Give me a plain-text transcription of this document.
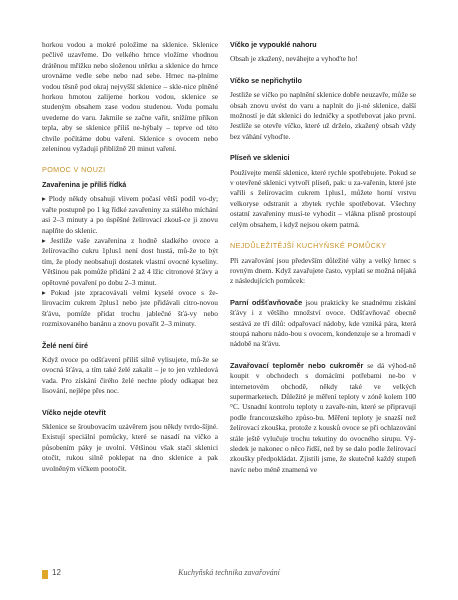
horkou vodou a mokré položíme na sklenice. Sklenice pečlivě uzavřeme. Do velkého hrnce vložíme vhodnou drátěnou mřížku nebo složenou utěrku a sklenice do hrnce urovnáme vedle sebe nebo nad sebe. Hrnec na-plníme vodou těsně pod okraj nejvyšší sklenice – skle-nice plněné horkou hmotou zalijeme horkou vodou, sklenice se studeným obsahem zase vodou studenou. Vodu pomalu uvedeme do varu. Jakmile se začne vařit, snížíme příkon tepla, aby se sklenice příliš ne-hýbaly – teprve od této chvíle počítáme dobu vaření. Sklenice s ovocem nebo zeleninou vyžadují přibližně 20 minut vaření.

POMOC V NOUZI
Zavařenina je příliš řídká

▸ Plody někdy obsahují vlivem počasí větší podíl vo-dy; vařte postupně po 1 kg řídké zavařeniny za stálého míchání asi 2–3 minuty a po úspěšné želírovací zkouš-ce ji znovu naplňte do sklenic.

▸ Jestliže vaše zavařenina z hodně sladkého ovoce a želírovacího cukru 1plus1 není dost hustá, mů-že to být tím, že plody neobsahují dostatek vlastní ovocné kyseliny. Většinou pak pomůže přidání 2 až 4 lžic citronové šťávy a opětovné povaření po dobu 2–3 minut.

▸ Pokud jste zpracovávali velmi kyselé ovoce s že-lírovacím cukrem 2plus1 nebo jste přidávali citro-novou šťávu, pomůže přidat trochu jablečné šťá-vy nebo rozmixovaného banánu a znovu povařit 2–3 minuty.

Želé není čiré

Když ovoce po odšťavení příliš silně vylisujete, mů-že se ovocná šťáva, a tím také želé zakalit – je to jen vzhledová vada. Pro získání čirého želé nechte plody odkapat bez lisování, nejlépe přes noc.

Víčko nejde otevřít

Sklenice se šroubovacím uzávěrem jsou někdy tvrdo-šíjné. Existují speciální pomůcky, které se nasadí na víčko a působením páky je uvolní. Většinou však stačí sklenici otočit, rukou silně poklepat na dno sklenice a pak uvolněným víčkem pootočit.

Víčko je vypouklé nahoru

Obsah je zkažený, neváhejte a vyhoďte ho!

Víčko se nepřichytilo

Jestliže se víčko po naplnění sklenice dobře neuzavře, může se obsah znovu uvést do varu a naplnit do ji-né sklenice, další možností je dát sklenici do ledničky a spotřebovat jako první. Jestliže se otevře víčko, které už drželo, zkažený obsah vždy bez váhání vyhoďte.

Plíseň ve sklenici

Používejte menší sklenice, které rychle spotřebujete. Pokud se v otevřené sklenici vytvoří plíseň, pak: u za-vařenin, které jste vařili s želírovacím cukrem 1plus1, můžete horní vrstvu velkoryse odstranit a zbytek rychle spotřebovat. Všechny ostatní zavařeniny musí-te vyhodit – vlákna plísně prostoupí celým obsahem, i když nejsou okem patrná.

NEJDŮLEŽITĚJŠÍ KUCHYŇSKÉ POMŮCKY

Při zavařování jsou především důležité váhy a velký hrnec s rovným dnem. Když zavařujete často, vyplatí se možná nějaká z následujících pomůcek:

Parní odšťavňovače jsou prakticky ke snadnému získání šťávy i z většího množství ovoce. Odšťavňovač obecně sestává ze tří dílů: odpařovací nádoby, kde vzniká pára, která stoupá nahoru nádo-bou s ovocem, kondenzuje se a hromadí v nádobě na šťávu.

Zavařovací teploměr nebo cukroměr se dá výhod-ně koupit v obchodech s domácími potřebami ne-bo v internetovém obchodě, někdy také ve velkých supermarketech. Důležité je měření teploty v zóně kolem 100 °C. Usnadní kontrolu teploty u zavaře-nin, které se připravují podle francouzského způso-bu. Měření teploty je snazší než želírovací zkouška, protože z kousků ovoce se při ochlazování stále ještě vylučuje trochu tekutiny do ovocného sirupu. Vý-sledek je nakonec o něco řidší, než by se dalo podle želírovací zkoušky předpokládat. Zjistili jsme, že skutečně každý stupeň navíc nebo méně znamená ve

12	Kuchyňská technika zavařování
